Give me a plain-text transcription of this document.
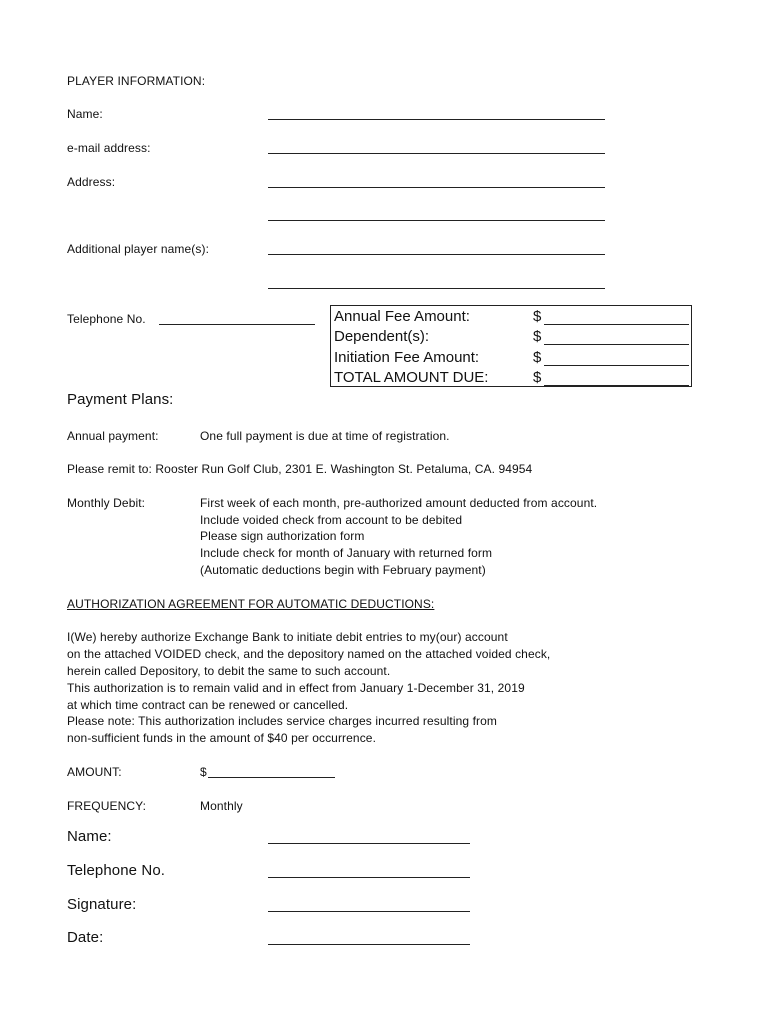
PLAYER INFORMATION:
Name:
e-mail address:
Address:
Additional player name(s):
Telephone No.	Annual Fee Amount:	$
Dependent(s):	$
Initiation Fee Amount:	$
TOTAL AMOUNT DUE:	$
Payment Plans:
Annual payment:	One full payment is due at time of registration.
Please remit to: Rooster Run Golf Club, 2301 E. Washington St. Petaluma, CA. 94954
Monthly Debit:	First week of each month, pre-authorized amount deducted from account.
Include voided check from account to be debited
Please sign authorization form
Include check for month of January with returned form
(Automatic deductions begin with February payment)
AUTHORIZATION AGREEMENT FOR AUTOMATIC DEDUCTIONS:
I(We) hereby authorize Exchange Bank to initiate debit entries to my(our) account
on the attached VOIDED check, and the depository named on the attached voided check,
herein called Depository, to debit the same to such account.
This authorization is to remain valid and in effect from January 1-December 31, 2019
at which time contract can be renewed or cancelled.
Please note: This authorization includes service charges incurred resulting from
non-sufficient funds in the amount of $40 per occurrence.
AMOUNT:	$
FREQUENCY:	Monthly
Name:
Telephone No.
Signature:
Date:
